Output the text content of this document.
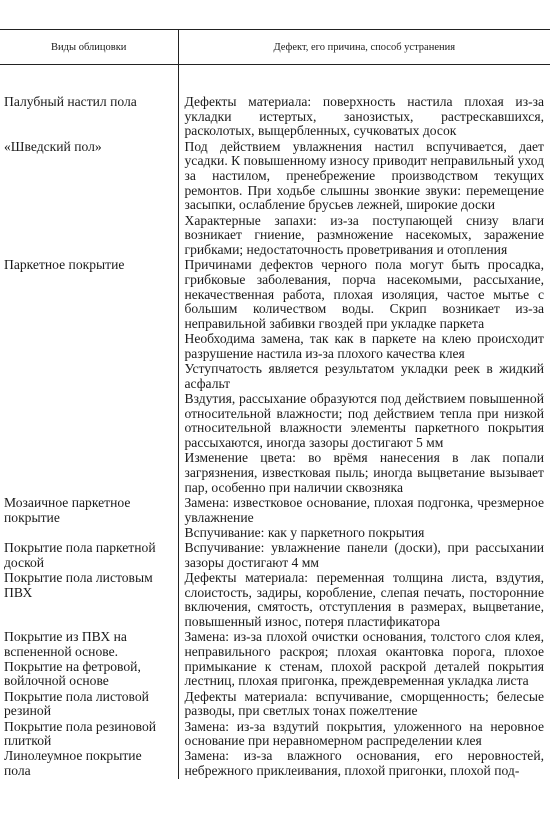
Виды облицовки	Дефект, его причина, способ устранения

Палубный настил пола	Дефекты материала: поверхность настила плохая из-за укладки истертых, занозистых, растрескавшихся, расколотых, выщербленных, сучковатых досок

«Шведский пол»	Под действием увлажнения настил вспучивается, дает усадки. К повышенному износу приводит неправильный уход за настилом, пренебрежение производством текущих ремонтов. При ходьбе слышны звонкие звуки: перемещение засыпки, ослабление брусьев лежней, широкие доски

Характерные запахи: из-за поступающей снизу влаги возникает гниение, размножение насекомых, заражение грибками; недостаточность проветривания и отопления

Паркетное покрытие	Причинами дефектов черного пола могут быть просадка, грибковые заболевания, порча насекомыми, рассыхание, некачественная работа, плохая изоляция, частое мытье с большим количеством воды. Скрип возникает из-за неправильной забивки гвоздей при укладке паркета

Необходима замена, так как в паркете на клею происходит разрушение настила из-за плохого качества клея

Уступчатость является результатом укладки реек в жидкий асфальт

Вздутия, рассыхание образуются под действием повышенной относительной влажности; под действием тепла при низкой относительной влажности элементы паркетного покрытия рассыхаются, иногда зазоры достигают 5 мм

Изменение цвета: во врёмя нанесения в лак попали загрязнения, известковая пыль; иногда выцветание вызывает пар, особенно при наличии сквозняка

Мозаичное паркетное покрытие	Замена: известковое основание, плохая подгонка, чрезмерное увлажнение

Вспучивание: как у паркетного покрытия

Покрытие пола паркетной доской	Вспучивание: увлажнение панели (доски), при рассыхании зазоры достигают 4 мм

Покрытие пола листовым ПВХ	Дефекты материала: переменная толщина листа, вздутия, слоистость, задиры, коробление, слепая печать, посторонние включения, смятость, отступления в размерах, выцветание, повышенный износ, потеря пластификатора

Покрытие из ПВХ на вспененной основе. Покрытие на фетровой, войлочной основе	Замена: из-за плохой очистки основания, толстого слоя клея, неправильного раскроя; плохая окантовка порога, плохое примыкание к стенам, плохой раскрой деталей покрытия лестниц, плохая пригонка, преждевременная укладка листа

Покрытие пола листовой резиной	Дефекты материала: вспучивание, сморщенность; белесые разводы, при светлых тонах пожелтение

Покрытие пола резиновой плиткой	Замена: из-за вздутий покрытия, уложенного на неровное основание при неравномерном распределении клея

Линолеумное покрытие пола	Замена: из-за влажного основания, его неровностей, небрежного приклеивания, плохой пригонки, плохой под-
